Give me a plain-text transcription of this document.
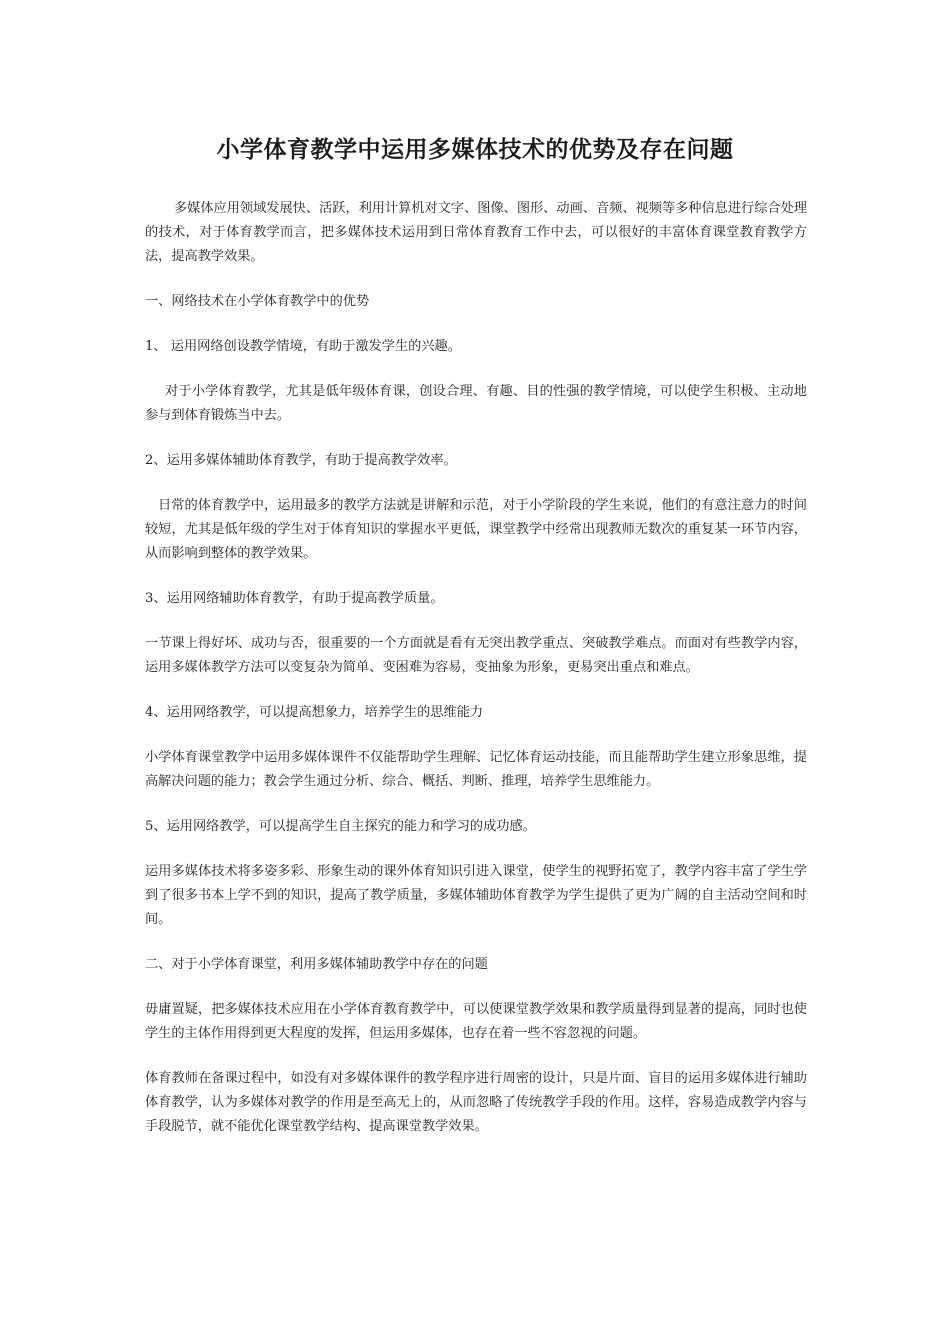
小学体育教学中运用多媒体技术的优势及存在问题

多媒体应用领域发展快、活跃，利用计算机对文字、图像、图形、动画、音频、视频等多种信息进行综合处理的技术，对于体育教学而言，把多媒体技术运用到日常体育教育工作中去，可以很好的丰富体育课堂教育教学方法，提高教学效果。

一、网络技术在小学体育教学中的优势

1、 运用网络创设教学情境，有助于激发学生的兴趣。

对于小学体育教学，尤其是低年级体育课，创设合理、有趣、目的性强的教学情境，可以使学生积极、主动地参与到体育锻炼当中去。

2、运用多媒体辅助体育教学，有助于提高教学效率。

日常的体育教学中，运用最多的教学方法就是讲解和示范，对于小学阶段的学生来说，他们的有意注意力的时间较短，尤其是低年级的学生对于体育知识的掌握水平更低，课堂教学中经常出现教师无数次的重复某一环节内容，从而影响到整体的教学效果。

3、运用网络辅助体育教学，有助于提高教学质量。

一节课上得好坏、成功与否，很重要的一个方面就是看有无突出教学重点、突破教学难点。而面对有些教学内容，运用多媒体教学方法可以变复杂为简单、变困难为容易，变抽象为形象，更易突出重点和难点。

4、运用网络教学，可以提高想象力，培养学生的思维能力

小学体育课堂教学中运用多媒体课件不仅能帮助学生理解、记忆体育运动技能，而且能帮助学生建立形象思维，提高解决问题的能力；教会学生通过分析、综合、概括、判断、推理，培养学生思维能力。

5、运用网络教学，可以提高学生自主探究的能力和学习的成功感。

运用多媒体技术将多姿多彩、形象生动的课外体育知识引进入课堂，使学生的视野拓宽了，教学内容丰富了学生学到了很多书本上学不到的知识，提高了教学质量，多媒体辅助体育教学为学生提供了更为广阔的自主活动空间和时间。

二、对于小学体育课堂，利用多媒体辅助教学中存在的问题

毋庸置疑，把多媒体技术应用在小学体育教育教学中，可以使课堂教学效果和教学质量得到显著的提高，同时也使学生的主体作用得到更大程度的发挥，但运用多媒体，也存在着一些不容忽视的问题。

体育教师在备课过程中，如没有对多媒体课件的教学程序进行周密的设计，只是片面、盲目的运用多媒体进行辅助体育教学，认为多媒体对教学的作用是至高无上的，从而忽略了传统教学手段的作用。这样，容易造成教学内容与手段脱节，就不能优化课堂教学结构、提高课堂教学效果。
